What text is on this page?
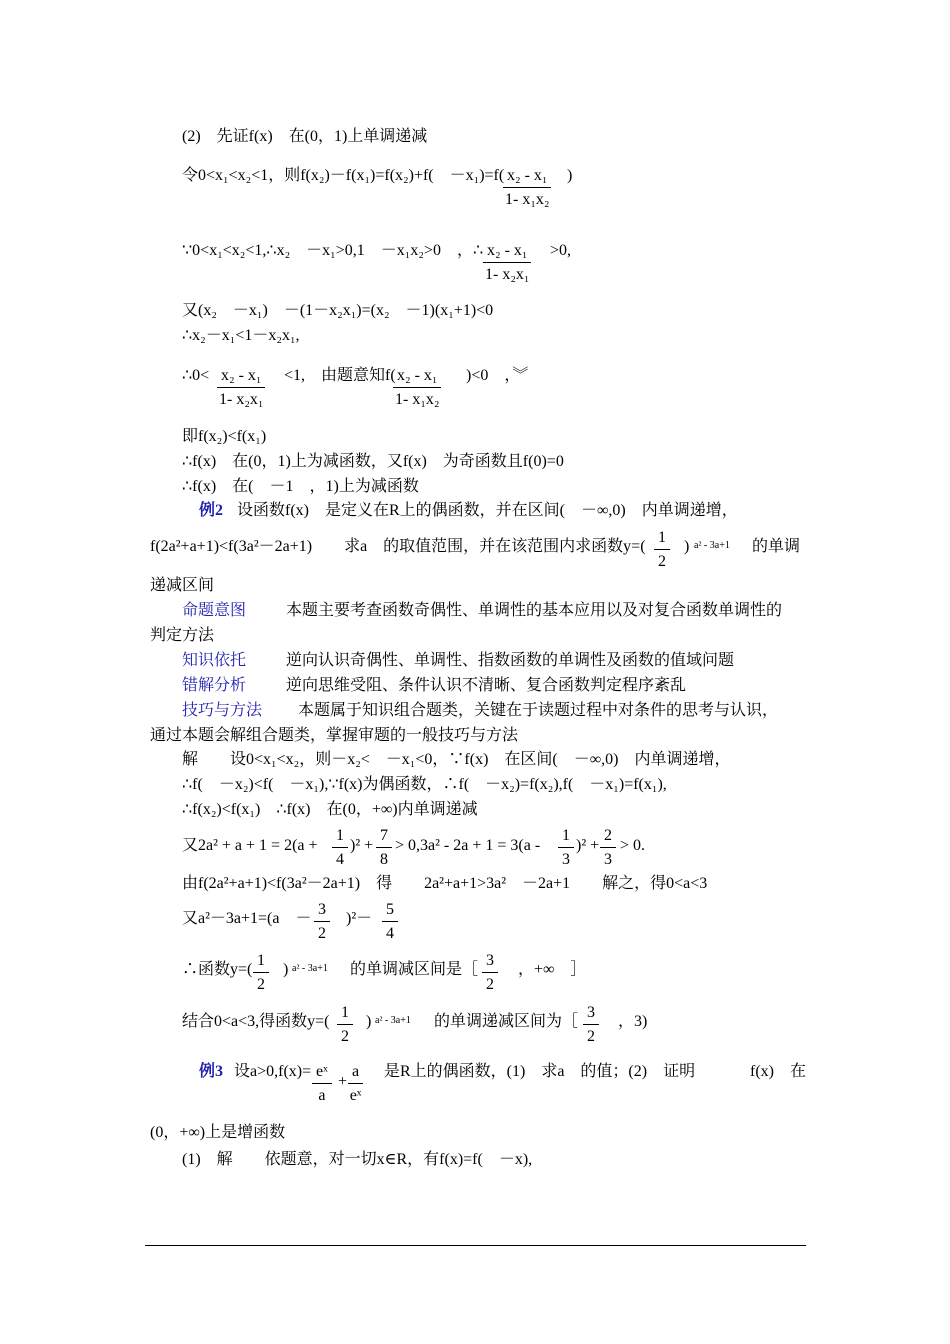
(2)　先证f(x)　在(0，1)上单调递减
令0<x₁<x₂<1，则f(x₂)－f(x₁)=f(x₂)+f(　－x₁)=f(
$\frac{\text{x₂ - x₁}}{\text{1- x₁x₂}}$ )
∵0<x₁<x₂<1,∴x₂　－x₁>0,1　－x₁x₂>0　，∴ $\frac{\text{x₂ - x₁}}{\text{1- x₂x₁}} >0$,
又(x₂　－x₁)　－(1－x₂x₁)=(x₂　－1)(x₁+1)<0
∴x₂－x₁<1－x₂x₁,
∴0< $\frac{\text{x₂ - x₁}}{\text{1- x₂x₁}} <1$,　由题意知f(
$\frac{\text{x₂ - x₁}}{\text{1- x₁x₂}} )<0$　，︾
即f(x₂)<f(x₁)
∴f(x)　在(0，1)上为减函数，又f(x)　为奇函数且f(0)=0
∴f(x)　在(　－1　，1)上为减函数
例2 设函数f(x)　是定义在R上的偶函数，并在区间(　－∞,0)　内单调递增，
f(2a²+a+1)<f(3a²－2a+1)　　求a　的取值范围，并在该范围内求函数$y=( \frac{1}{2}$ ) a² - 3a+1 的单调
递减区间
命题意图 本题主要考查函数奇偶性、单调性的基本应用以及对复合函数单调性的
判定方法
知识依托 逆向认识奇偶性、单调性、指数函数的单调性及函数的值域问题
错解分析 逆向思维受阻、条件认识不清晰、复合函数判定程序紊乱
技巧与方法 本题属于知识组合题类，关键在于读题过程中对条件的思考与认识，
通过本题会解组合题类，掌握审题的一般技巧与方法
解　　设0<x₁<x₂，则－x₂<　－x₁<0，∵f(x)　在区间(　－∞,0)　内单调递增，
∴f(　－x₂)<f(　－x₁),∵f(x)为偶函数，∴f(　－x₂)=f(x₂),f(　－x₁)=f(x₁),
∴f(x₂)<f(x₁)　∴f(x)　在(0，+∞)内单调递减
又$2a^2 + a + 1 = 2(a + \frac{1}{4} )^2 + \frac{7}{8} > 0,3a^2 - 2a + 1 = 3(a - \frac{1}{3} )^2 + \frac{2}{3} > 0$.
由f(2a²+a+1)<f(3a²－2a+1)　得　　2a²+a+1>3a²　－2a+1　　解之，得0<a<3
又a²－3a+1=(a　－ $\frac{3}{2} )^2- \frac{5}{4}$
∴函数$y=( \frac{1}{2}$ ) a² - 3a+1 的单调减区间是［ $\frac{3}{2}$ ，+∞　］
结合0<a<3,得函数$y=( \frac{1}{2}$ ) a² - 3a+1 的单调递减区间为［ $\frac{3}{2}$ ，3)
例3 设$a>0,f(x)= \frac{\text{eˣ}}{a} + \frac{a}{\text{eˣ}}$ 是R上的偶函数，(1)　求a　的值；(2)　证明	f(x)　在
(0，+∞)上是增函数
(1)　解　　依题意，对一切x∈R，有f(x)=f(　－x),
